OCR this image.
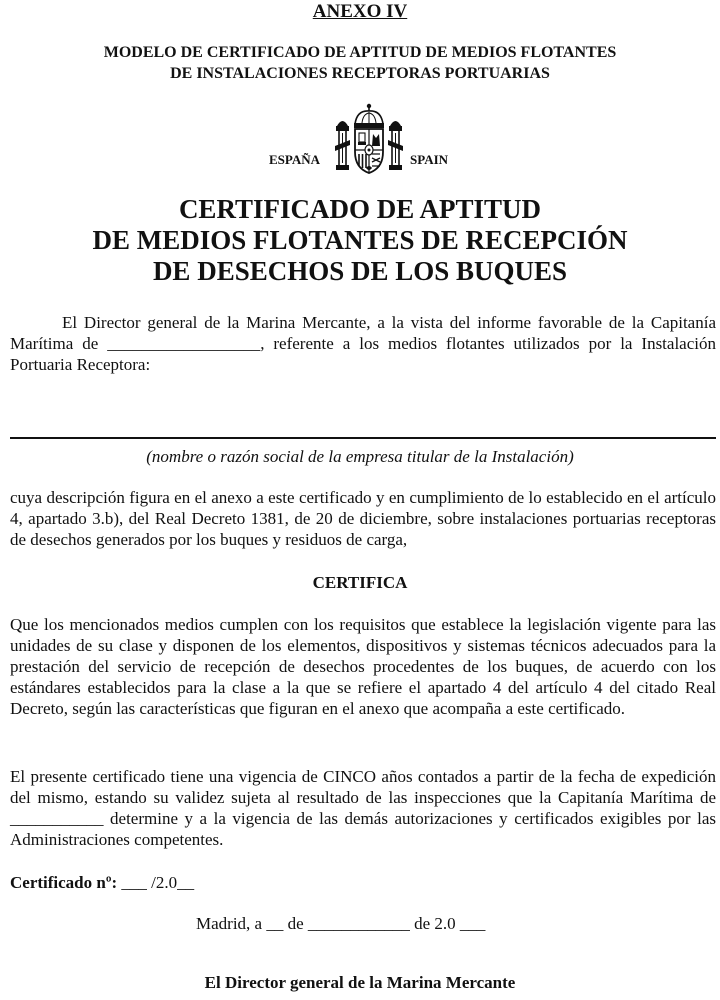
ANEXO IV
MODELO DE CERTIFICADO DE APTITUD DE MEDIOS FLOTANTES
DE INSTALACIONES RECEPTORAS PORTUARIAS
ESPAÑA	SPAIN
CERTIFICADO DE APTITUD
DE MEDIOS FLOTANTES DE RECEPCIÓN
DE DESECHOS DE LOS BUQUES
El Director general de la Marina Mercante, a la vista del informe favorable de la Capitanía Marítima de __________________, referente a los medios flotantes utilizados por la Instalación Portuaria Receptora:
(nombre o razón social de la empresa titular de la Instalación)
cuya descripción figura en el anexo a este certificado y en cumplimiento de lo establecido en el artículo 4, apartado 3.b), del Real Decreto 1381, de 20 de diciembre, sobre instalaciones portuarias receptoras de desechos generados por los buques y residuos de carga,
CERTIFICA
Que los mencionados medios cumplen con los requisitos que establece la legislación vigente para las unidades de su clase y disponen de los elementos, dispositivos y sistemas técnicos adecuados para la prestación del servicio de recepción de desechos procedentes de los buques, de acuerdo con los estándares establecidos para la clase a la que se refiere el apartado 4 del artículo 4 del citado Real Decreto, según las características que figuran en el anexo que acompaña a este certificado.
El presente certificado tiene una vigencia de CINCO años contados a partir de la fecha de expedición del mismo, estando su validez sujeta al resultado de las inspecciones que la Capitanía Marítima de ___________ determine y a la vigencia de las demás autorizaciones y certificados exigibles por las Administraciones competentes.
Certificado nº: ___ /2.0__
Madrid, a __ de ____________ de 2.0 ___
El Director general de la Marina Mercante
